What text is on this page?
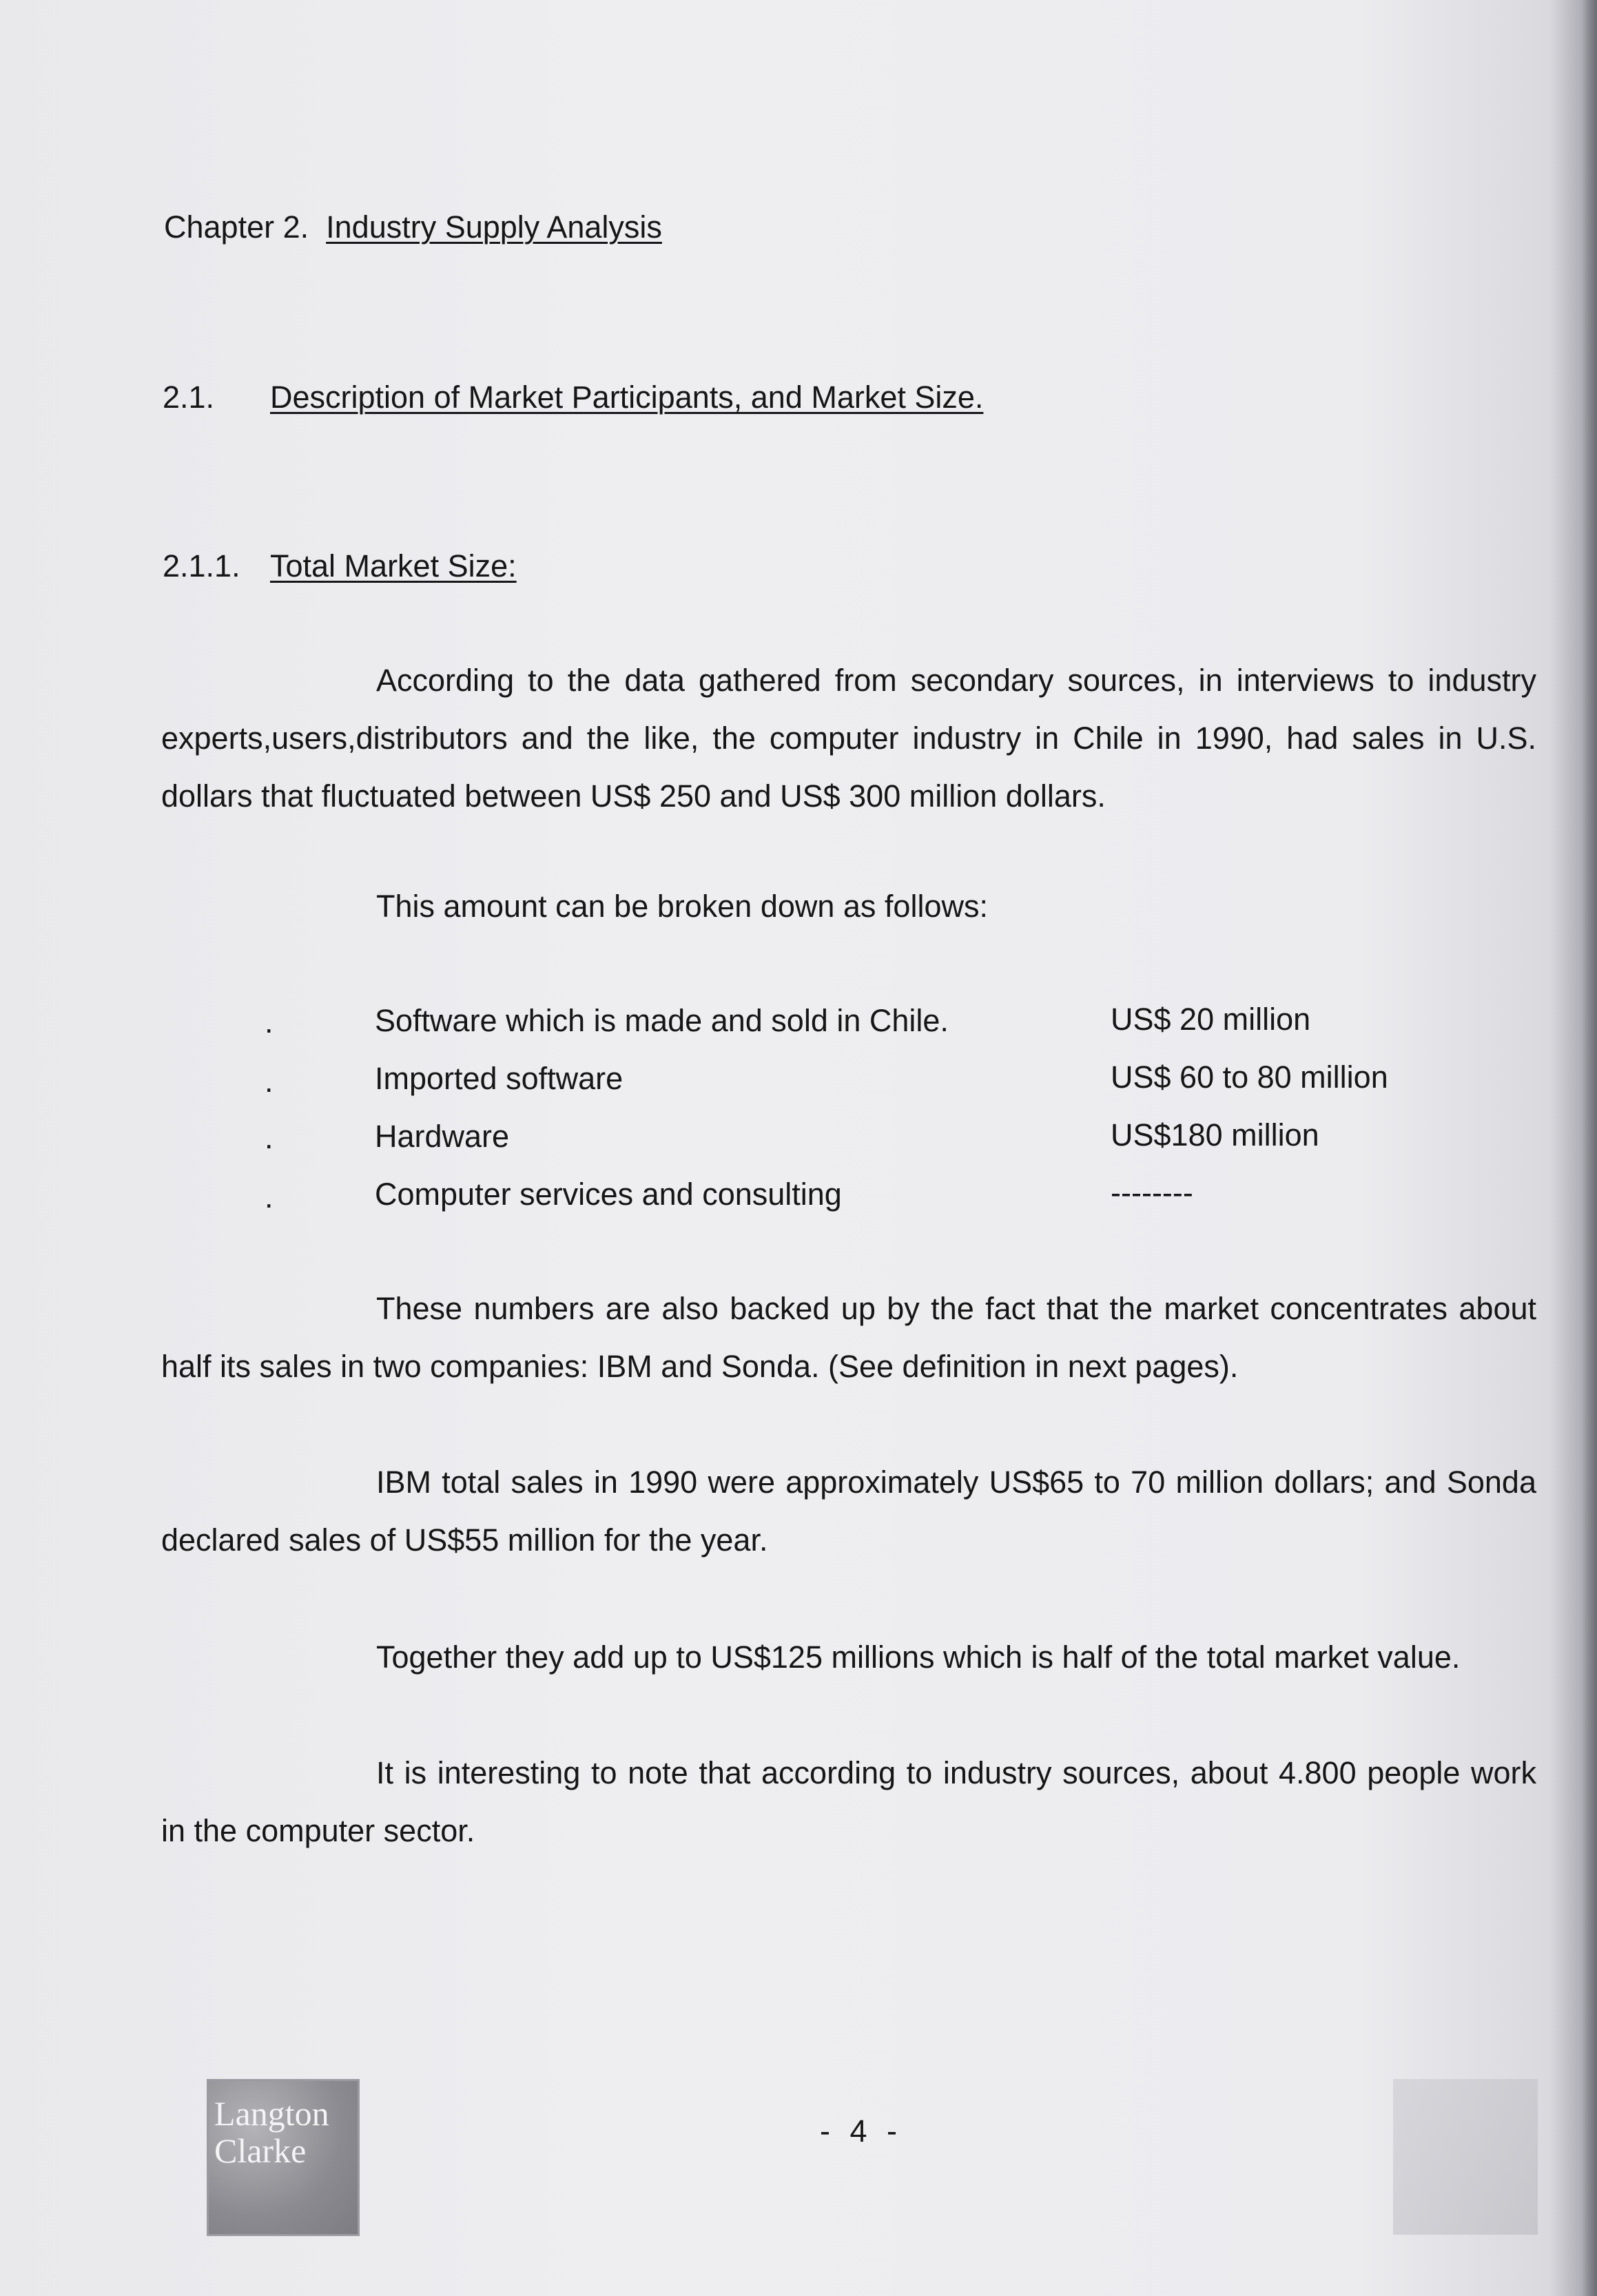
Chapter 2. Industry Supply Analysis
2.1. Description of Market Participants, and Market Size.
2.1.1. Total Market Size:
According to the data gathered from secondary sources, in interviews to industry experts,users,distributors and the like, the computer industry in Chile in 1990, had sales in U.S. dollars that fluctuated between US$ 250 and US$ 300 million dollars.
This amount can be broken down as follows:
.	Software which is made and sold in Chile.	US$ 20 million
.	Imported software	US$ 60 to 80 million
.	Hardware	US$180 million
.	Computer services and consulting	--------
These numbers are also backed up by the fact that the market concentrates about half its sales in two companies: IBM and Sonda. (See definition in next pages).
IBM total sales in 1990 were approximately US$65 to 70 million dollars; and Sonda declared sales of US$55 million for the year.
Together they add up to US$125 millions which is half of the total market value.
It is interesting to note that according to industry sources, about 4.800 people work in the computer sector.
Langton
Clarke
- 4 -
